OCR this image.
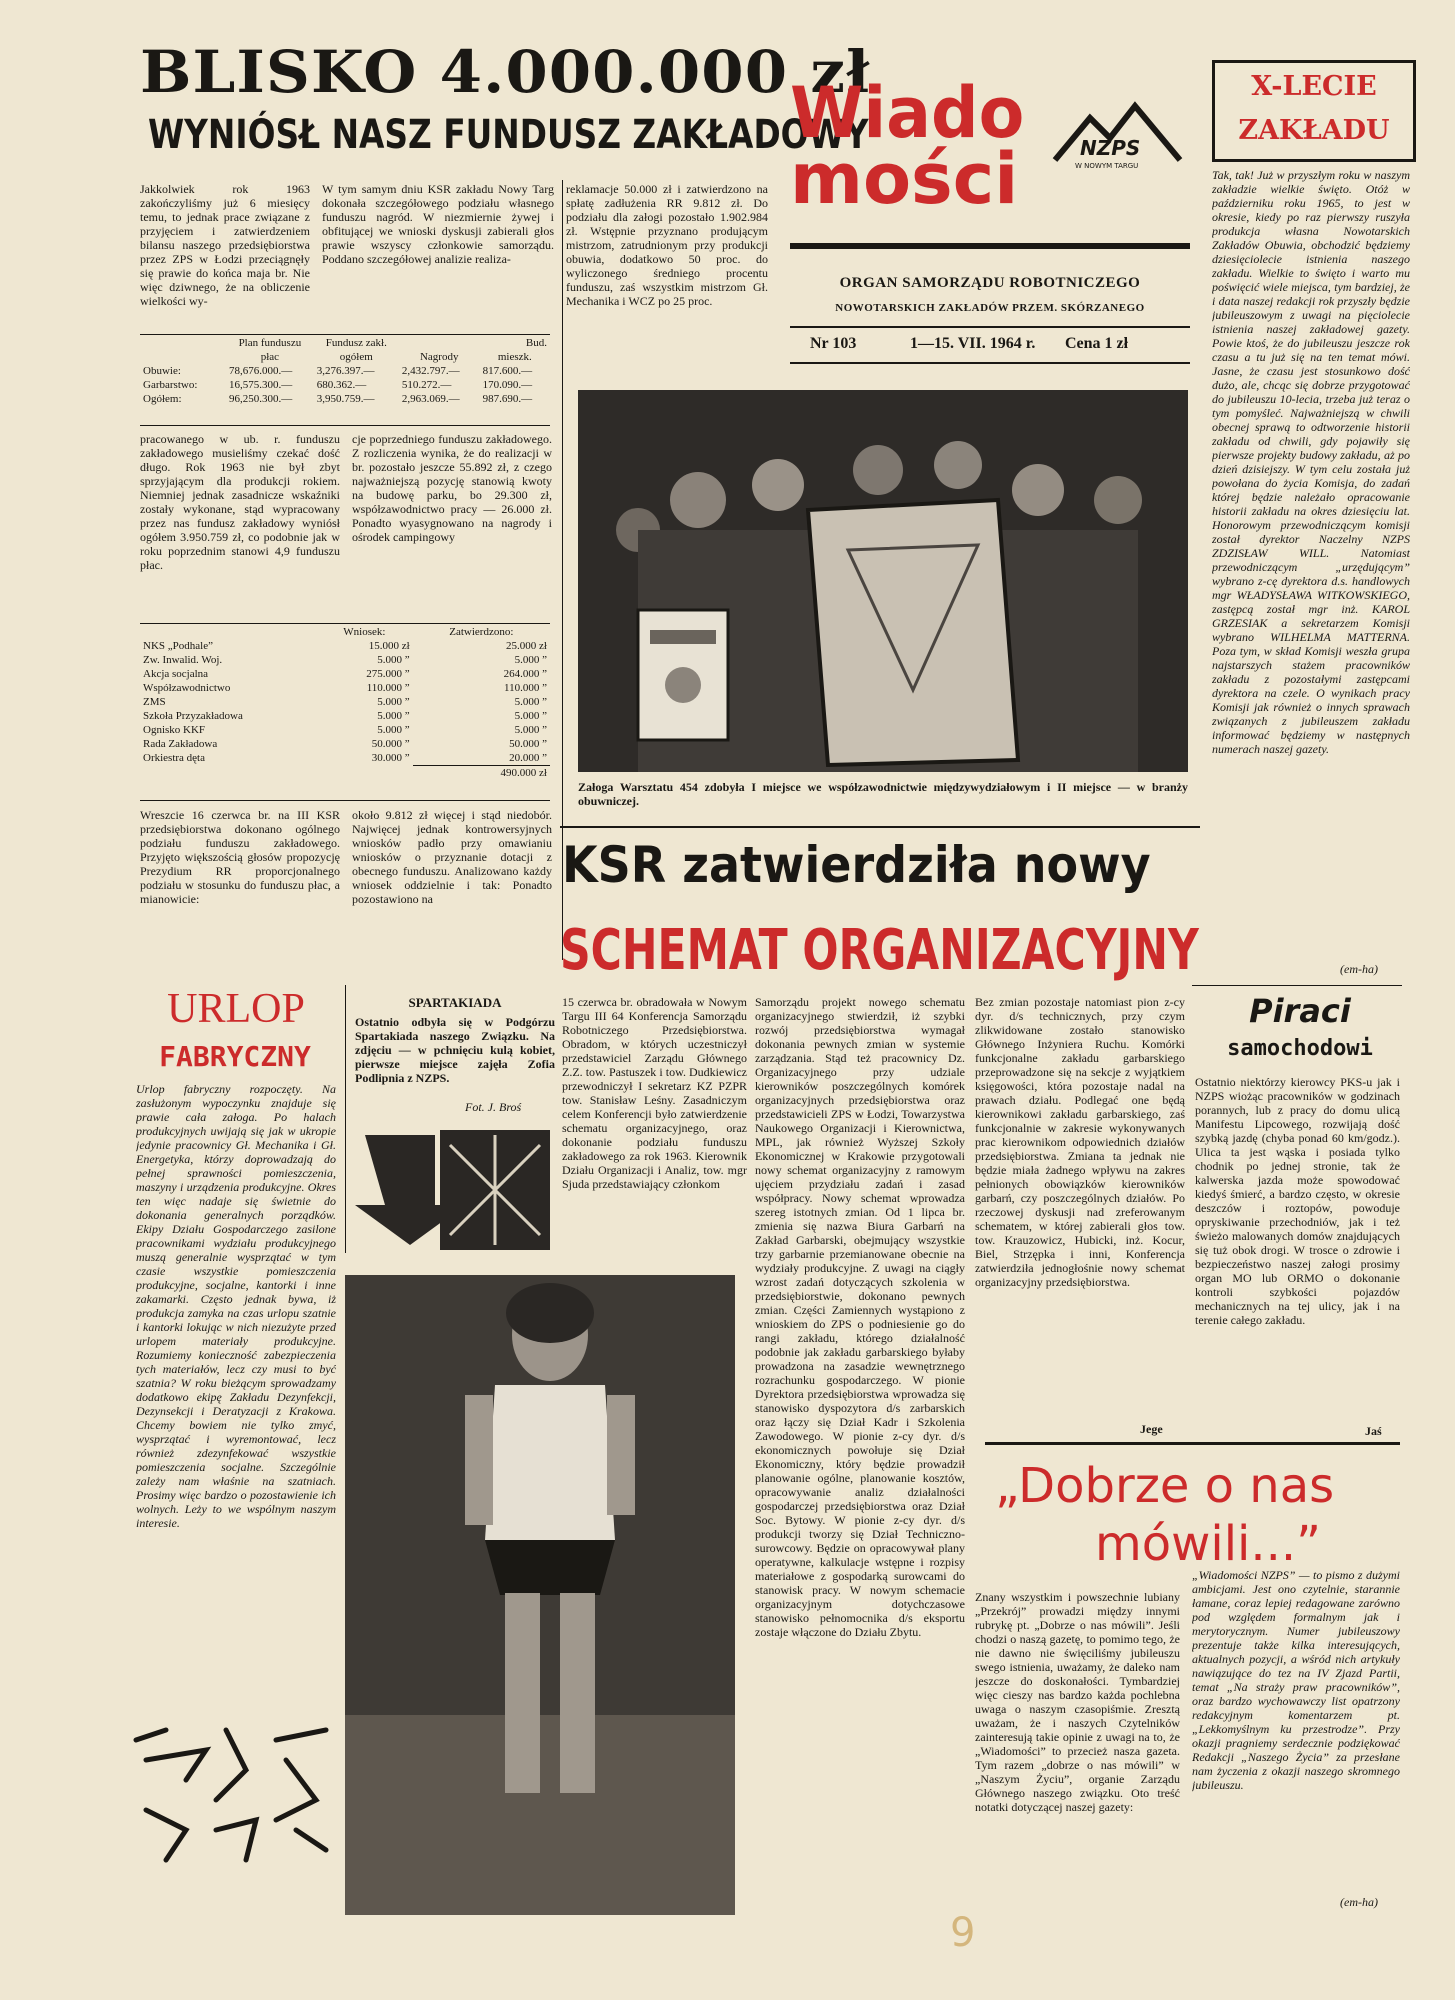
BLISKO 4.000.000 zł
WYNIÓSŁ NASZ FUNDUSZ ZAKŁADOWY
Jakkolwiek rok 1963 zakończyliśmy już 6 miesięcy temu, to jednak prace związane z przyjęciem i zatwierdzeniem bilansu naszego przedsiębiorstwa przez ZPS w Łodzi przeciągnęły się prawie do końca maja br. Nie więc dziwnego, że na obliczenie wielkości wy-
W tym samym dniu KSR zakładu Nowy Targ dokonała szczegółowego podziału własnego funduszu nagród. W niezmiernie żywej i obfitującej we wnioski dyskusji zabierali głos prawie wszyscy członkowie samorządu. Poddano szczegółowej analizie realiza-
reklamacje 50.000 zł i zatwierdzono na spłatę zadłużenia RR 9.812 zł. Do podziału dla załogi pozostało 1.902.984 zł. Wstępnie przyznano prodującym mistrzom, zatrudnionym przy produkcji obuwia, dodatkowo 50 proc. do wyliczonego średniego procentu funduszu, zaś wszystkim mistrzom Gł. Mechanika i WCZ po 25 proc.
	Plan funduszu	Fundusz zakł.		Bud.
	płac	ogółem	Nagrody	mieszk.
Obuwie:	78,676.000.—	3,276.397.—	2,432.797.—	817.600.—
Garbarstwo:	16,575.300.—	680.362.—	510.272.—	170.090.—
Ogółem:	96,250.300.—	3,950.759.—	2,963.069.—	987.690.—
pracowanego w ub. r. funduszu zakładowego musieliśmy czekać dość długo. Rok 1963 nie był zbyt sprzyjającym dla produkcji rokiem. Niemniej jednak zasadnicze wskaźniki zostały wykonane, stąd wypracowany przez nas fundusz zakładowy wyniósł ogółem 3.950.759 zł, co podobnie jak w roku poprzednim stanowi 4,9 funduszu płac.
cje poprzedniego funduszu zakładowego. Z rozliczenia wynika, że do realizacji w br. pozostało jeszcze 55.892 zł, z czego najważniejszą pozycję stanowią kwoty na budowę parku, bo 29.300 zł, współzawodnictwo pracy — 26.000 zł. Ponadto wyasygnowano na nagrody i ośrodek campingowy
	Wniosek:	Zatwierdzono:
NKS „Podhale”	15.000 zł	25.000 zł
Zw. Inwalid. Woj.	5.000 ”	5.000 ”
Akcja socjalna	275.000 ”	264.000 ”
Współzawodnictwo	110.000 ”	110.000 ”
ZMS	5.000 ”	5.000 ”
Szkoła Przyzakładowa	5.000 ”	5.000 ”
Ognisko KKF	5.000 ”	5.000 ”
Rada Zakładowa	50.000 ”	50.000 ”
Orkiestra dęta	30.000 ”	20.000 ”
		490.000 zł
Wreszcie 16 czerwca br. na III KSR przedsiębiorstwa dokonano ogólnego podziału funduszu zakładowego. Przyjęto większością głosów propozycję Prezydium RR proporcjonalnego podziału w stosunku do funduszu płac, a mianowicie:
około 9.812 zł więcej i stąd niedobór. Najwięcej jednak kontrowersyjnych wniosków padło przy omawianiu wniosków o przyznanie dotacji z obecnego funduszu. Analizowano każdy wniosek oddzielnie i tak: Ponadto pozostawiono na
Wiado
mości	NZPS
W NOWYM TARGU
ORGAN SAMORZĄDU ROBOTNICZEGO
NOWOTARSKICH ZAKŁADÓW PRZEM. SKÓRZANEGO
Nr 103	1—15. VII. 1964 r. Cena 1 zł
Załoga Warsztatu 454 zdobyła I miejsce we współzawodnictwie międzywydziałowym i II miejsce — w branży obuwniczej.
X-LECIE
ZAKŁADU
Tak, tak! Już w przyszłym roku w naszym zakładzie wielkie święto. Otóż w październiku roku 1965, to jest w okresie, kiedy po raz pierwszy ruszyła produkcja własna Nowotarskich Zakładów Obuwia, obchodzić będziemy dziesięciolecie istnienia naszego zakładu. Wielkie to święto i warto mu poświęcić wiele miejsca, tym bardziej, że i data naszej redakcji rok przyszły będzie jubileuszowym z uwagi na pięciolecie istnienia naszej zakładowej gazety. Powie ktoś, że do jubileuszu jeszcze rok czasu a tu już się na ten temat mówi. Jasne, że czasu jest stosunkowo dość dużo, ale, chcąc się dobrze przygotować do jubileuszu 10-lecia, trzeba już teraz o tym pomyśleć. Najważniejszą w chwili obecnej sprawą to odtworzenie historii zakładu od chwili, gdy pojawiły się pierwsze projekty budowy zakładu, aż po dzień dzisiejszy. W tym celu została już powołana do życia Komisja, do zadań której będzie należało opracowanie historii zakładu na okres dziesięciu lat. Honorowym przewodniczącym komisji został dyrektor Naczelny NZPS ZDZISŁAW WILL. Natomiast przewodniczącym „urzędującym” wybrano z-cę dyrektora d.s. handlowych mgr WŁADYSŁAWA WITKOWSKIEGO, zastępcą został mgr inż. KAROL GRZESIAK a sekretarzem Komisji wybrano WILHELMA MATTERNA. Poza tym, w skład Komisji weszła grupa najstarszych stażem pracowników zakładu z pozostałymi zastępcami dyrektora na czele. O wynikach pracy Komisji jak również o innych sprawach związanych z jubileuszem zakładu informować będziemy w następnych numerach naszej gazety.
(em-ha)
KSR zatwierdziła nowy
SCHEMAT ORGANIZACYJNY
15 czerwca br. obradowała w Nowym Targu III 64 Konferencja Samorządu Robotniczego Przedsiębiorstwa. Obradom, w których uczestniczył przedstawiciel Zarządu Głównego Z.Z. tow. Pastuszek i tow. Dudkiewicz przewodniczył I sekretarz KZ PZPR tow. Stanisław Leśny. Zasadniczym celem Konferencji było zatwierdzenie schematu organizacyjnego, oraz dokonanie podziału funduszu zakładowego za rok 1963. Kierownik Działu Organizacji i Analiz, tow. mgr Sjuda przedstawiający członkom
Samorządu projekt nowego schematu organizacyjnego stwierdził, iż szybki rozwój przedsiębiorstwa wymagał dokonania pewnych zmian w systemie zarządzania. Stąd też pracownicy Dz. Organizacyjnego przy udziale kierowników poszczególnych komórek organizacyjnych przedsiębiorstwa oraz przedstawicieli ZPS w Łodzi, Towarzystwa Naukowego Organizacji i Kierownictwa, MPL, jak również Wyższej Szkoły Ekonomicznej w Krakowie przygotowali nowy schemat organizacyjny z ramowym ujęciem przydziału zadań i zasad współpracy. Nowy schemat wprowadza szereg istotnych zmian. Od 1 lipca br. zmienia się nazwa Biura Garbarń na Zakład Garbarski, obejmujący wszystkie trzy garbarnie przemianowane obecnie na wydziały produkcyjne. Z uwagi na ciągły wzrost zadań dotyczących szkolenia w przedsiębiorstwie, dokonano pewnych zmian. Części Zamiennych wystąpiono z wnioskiem do ZPS o podniesienie go do rangi zakładu, którego działalność podobnie jak zakładu garbarskiego byłaby prowadzona na zasadzie wewnętrznego rozrachunku gospodarczego. W pionie Dyrektora przedsiębiorstwa wprowadza się stanowisko dyspozytora d/s zarbarskich oraz łączy się Dział Kadr i Szkolenia Zawodowego. W pionie z-cy dyr. d/s ekonomicznych powołuje się Dział Ekonomiczny, który będzie prowadził planowanie ogólne, planowanie kosztów, opracowywanie analiz działalności gospodarczej przedsiębiorstwa oraz Dział Soc. Bytowy. W pionie z-cy dyr. d/s produkcji tworzy się Dział Techniczno-surowcowy. Będzie on opracowywał plany operatywne, kalkulacje wstępne i rozpisy materiałowe z gospodarką surowcami do stanowisk pracy. W nowym schemacie organizacyjnym dotychczasowe stanowisko pełnomocnika d/s eksportu zostaje włączone do Działu Zbytu.
Bez zmian pozostaje natomiast pion z-cy dyr. d/s technicznych, przy czym zlikwidowane zostało stanowisko Głównego Inżyniera Ruchu. Komórki funkcjonalne zakładu garbarskiego przeprowadzone się na sekcje z wyjątkiem księgowości, która pozostaje nadal na prawach działu. Podlegać one będą kierownikowi zakładu garbarskiego, zaś funkcjonalnie w zakresie wykonywanych prac kierownikom odpowiednich działów przedsiębiorstwa. Zmiana ta jednak nie będzie miała żadnego wpływu na zakres pełnionych obowiązków kierowników garbarń, czy poszczególnych działów. Po rzeczowej dyskusji nad zreferowanym schematem, w której zabierali głos tow. tow. Krauzowicz, Hubicki, inż. Kocur, Biel, Strzępka i inni, Konferencja zatwierdziła jednogłośnie nowy schemat organizacyjny przedsiębiorstwa.
Jege
URLOP
FABRYCZNY
Urlop fabryczny rozpoczęty. Na zasłużonym wypoczynku znajduje się prawie cała załoga. Po halach produkcyjnych uwijają się jak w ukropie jedynie pracownicy Gł. Mechanika i Gł. Energetyka, którzy doprowadzają do pełnej sprawności pomieszczenia, maszyny i urządzenia produkcyjne. Okres ten więc nadaje się świetnie do dokonania generalnych porządków. Ekipy Działu Gospodarczego zasilone pracownikami wydziału produkcyjnego muszą generalnie wysprzątać w tym czasie wszystkie pomieszczenia produkcyjne, socjalne, kantorki i inne zakamarki. Często jednak bywa, iż produkcja zamyka na czas urlopu szatnie i kantorki lokując w nich niezużyte przed urlopem materiały produkcyjne. Rozumiemy konieczność zabezpieczenia tych materiałów, lecz czy musi to być szatnia? W roku bieżącym sprowadzamy dodatkowo ekipę Zakładu Dezynfekcji, Dezynsekcji i Deratyzacji z Krakowa. Chcemy bowiem nie tylko zmyć, wysprzątać i wyremontować, lecz również zdezynfekować wszystkie pomieszczenia socjalne. Szczególnie zależy nam właśnie na szatniach. Prosimy więc bardzo o pozostawienie ich wolnych. Leży to we wspólnym naszym interesie.
SPARTAKIADA
Ostatnio odbyła się w Podgórzu Spartakiada naszego Związku. Na zdjęciu — w pchnięciu kulą kobiet, pierwsze miejsce zajęła Zofia Podlipnia z NZPS.
Fot. J. Broś
Piraci
samochodowi
Ostatnio niektórzy kierowcy PKS-u jak i NZPS wiożąc pracowników w godzinach porannych, lub z pracy do domu ulicą Manifestu Lipcowego, rozwijają dość szybką jazdę (chyba ponad 60 km/godz.). Ulica ta jest wąska i posiada tylko chodnik po jednej stronie, tak że kalwerska jazda może spowodować kiedyś śmierć, a bardzo często, w okresie deszczów i roztopów, powoduje opryskiwanie przechodniów, jak i też świeżo malowanych domów znajdujących się tuż obok drogi. W trosce o zdrowie i bezpieczeństwo naszej załogi prosimy organ MO lub ORMO o dokonanie kontroli szybkości pojazdów mechanicznych na tej ulicy, jak i na terenie całego zakładu.
Jaś
„Dobrze o nas
mówili...”
Znany wszystkim i powszechnie lubiany „Przekrój” prowadzi między innymi rubrykę pt. „Dobrze o nas mówili”. Jeśli chodzi o naszą gazetę, to pomimo tego, że nie dawno nie święciliśmy jubileuszu swego istnienia, uważamy, że daleko nam jeszcze do doskonałości. Tymbardziej więc cieszy nas bardzo każda pochlebna uwaga o naszym czasopiśmie. Zresztą uważam, że i naszych Czytelników zainteresują takie opinie z uwagi na to, że „Wiadomości” to przecież nasza gazeta. Tym razem „dobrze o nas mówili” w „Naszym Życiu”, organie Zarządu Głównego naszego związku. Oto treść notatki dotyczącej naszej gazety:
„Wiadomości NZPS” — to pismo z dużymi ambicjami. Jest ono czytelnie, starannie łamane, coraz lepiej redagowane zarówno pod względem formalnym jak i merytorycznym. Numer jubileuszowy prezentuje także kilka interesujących, aktualnych pozycji, a wśród nich artykuły nawiązujące do tez na IV Zjazd Partii, temat „Na straży praw pracowników”, oraz bardzo wychowawczy list opatrzony redakcyjnym komentarzem pt. „Lekkomyślnym ku przestrodze”. Przy okazji pragniemy serdecznie podziękować Redakcji „Naszego Życia” za przesłane nam życzenia z okazji naszego skromnego jubileuszu.
(em-ha)
9
